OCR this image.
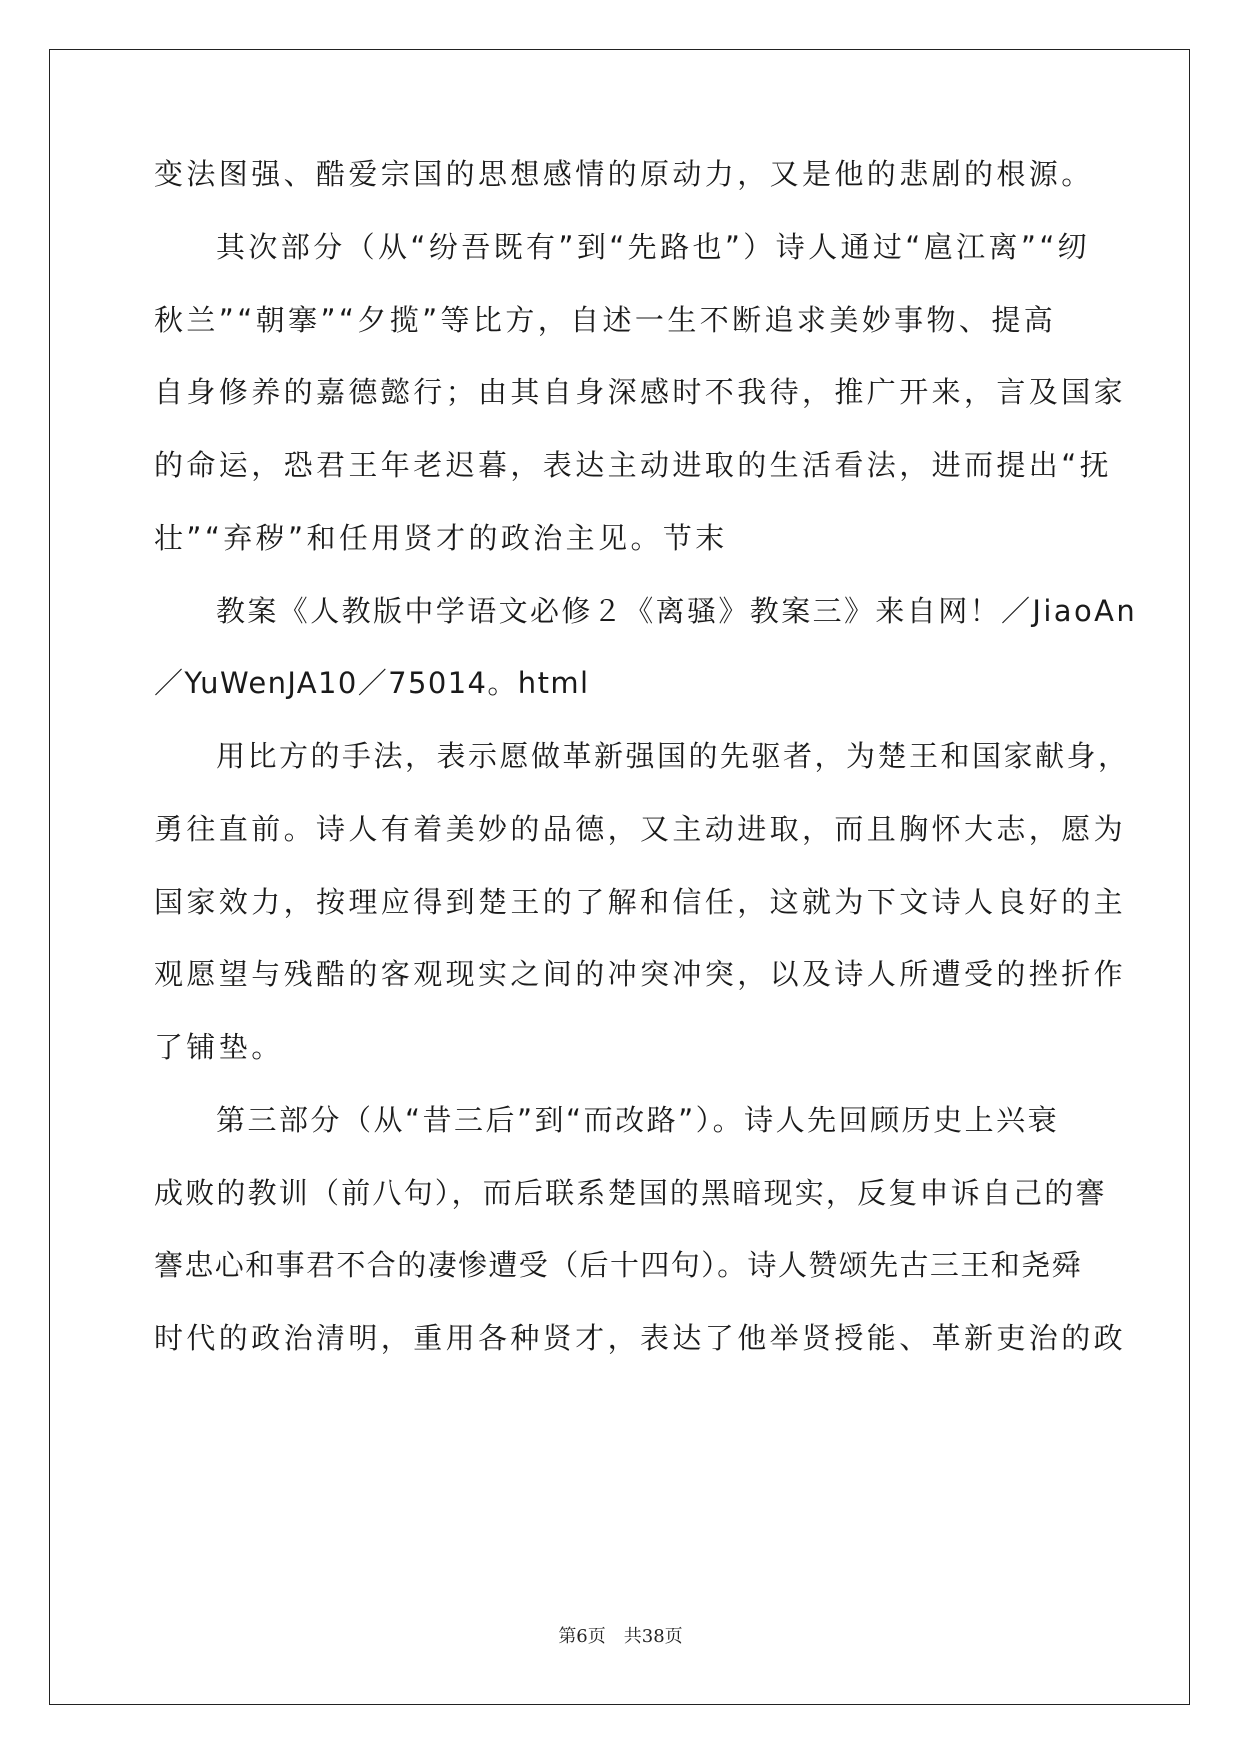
变法图强、酷爱宗国的思想感情的原动力，又是他的悲剧的根源。
其次部分（从“纷吾既有”到“先路也”）诗人通过“扈江离”“纫
秋兰”“朝搴”“夕揽”等比方，自述一生不断追求美妙事物、提高
自身修养的嘉德懿行；由其自身深感时不我待，推广开来，言及国家
的命运，恐君王年老迟暮，表达主动进取的生活看法，进而提出“抚
壮”“弃秽”和任用贤才的政治主见。节末
教案《人教版中学语文必修２《离骚》教案三》来自网！／JiaoAn
／YuWenJA10／75014。html
用比方的手法，表示愿做革新强国的先驱者，为楚王和国家献身，
勇往直前。诗人有着美妙的品德，又主动进取，而且胸怀大志，愿为
国家效力，按理应得到楚王的了解和信任，这就为下文诗人良好的主
观愿望与残酷的客观现实之间的冲突冲突，以及诗人所遭受的挫折作
了铺垫。
第三部分（从“昔三后”到“而改路”）。诗人先回顾历史上兴衰
成败的教训（前八句），而后联系楚国的黑暗现实，反复申诉自己的謇
謇忠心和事君不合的凄惨遭受（后十四句）。诗人赞颂先古三王和尧舜
时代的政治清明，重用各种贤才，表达了他举贤授能、革新吏治的政
第6页　共38页
